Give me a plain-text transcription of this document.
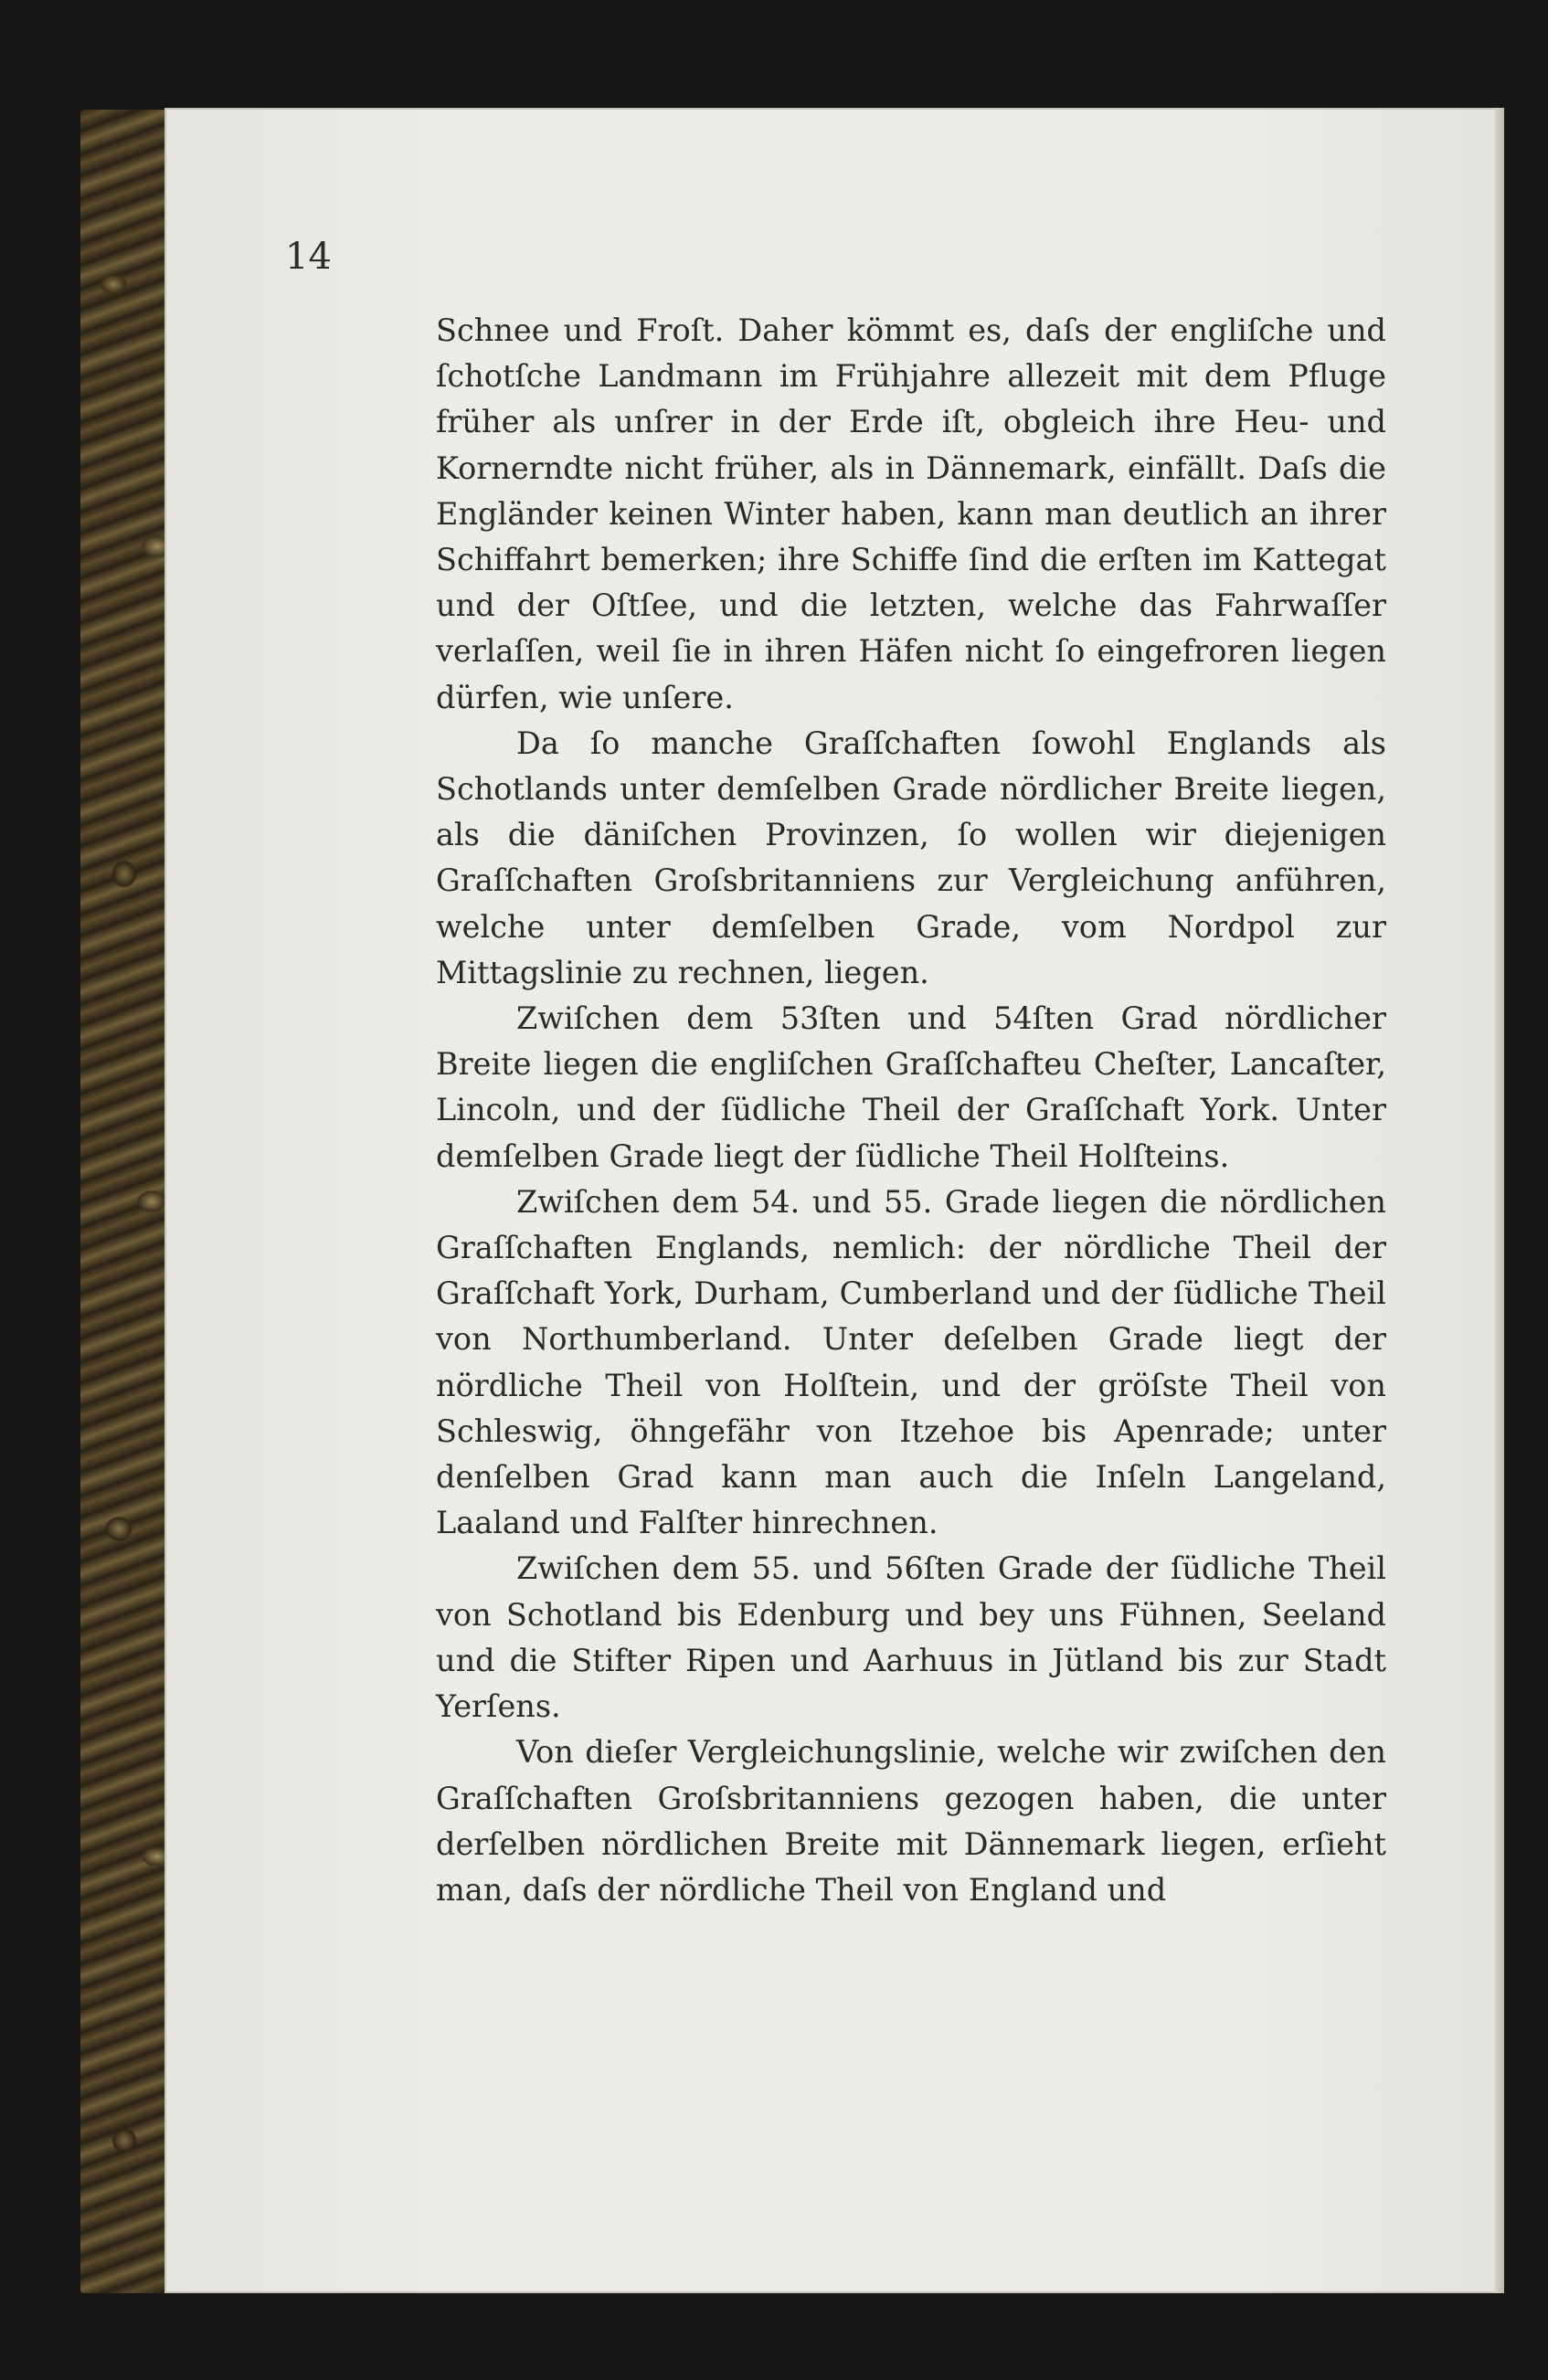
14

Schnee und Froſt. Daher kömmt es, daſs der engliſche und ſchotſche Landmann im Frühjahre allezeit mit dem Pfluge früher als unſrer in der Erde iſt, obgleich ihre Heu- und Kornerndte nicht früher, als in Dännemark, einfällt. Daſs die Engländer keinen Winter haben, kann man deutlich an ihrer Schiffahrt bemerken; ihre Schiffe ſind die erſten im Kattegat und der Oſtſee, und die letzten, welche das Fahrwaſſer verlaſſen, weil ſie in ihren Häfen nicht ſo eingefroren liegen dürfen, wie unſere.

Da ſo manche Graſſchaften ſowohl Englands als Schotlands unter demſelben Grade nördlicher Breite liegen, als die däniſchen Provinzen, ſo wollen wir diejenigen Graſſchaften Groſsbritanniens zur Vergleichung anführen, welche unter demſelben Grade, vom Nordpol zur Mittagslinie zu rechnen, liegen.

Zwiſchen dem 53ſten und 54ſten Grad nördlicher Breite liegen die engliſchen Graſſchafteu Cheſter, Lancaſter, Lincoln, und der ſüdliche Theil der Graſſchaft York. Unter demſelben Grade liegt der ſüdliche Theil Holſteins.

Zwiſchen dem 54. und 55. Grade liegen die nördlichen Graſſchaften Englands, nemlich: der nördliche Theil der Graſſchaft York, Durham, Cumberland und der ſüdliche Theil von Northumberland. Unter deſelben Grade liegt der nördliche Theil von Holſtein, und der gröſste Theil von Schleswig, öhngefähr von Itzehoe bis Apenrade; unter denſelben Grad kann man auch die Inſeln Langeland, Laaland und Falſter hinrechnen.

Zwiſchen dem 55. und 56ſten Grade der ſüdliche Theil von Schotland bis Edenburg und bey uns Fühnen, Seeland und die Stifter Ripen und Aarhuus in Jütland bis zur Stadt Yerſens.

Von dieſer Vergleichungslinie, welche wir zwiſchen den Graſſchaften Groſsbritanniens gezogen haben, die unter derſelben nördlichen Breite mit Dännemark liegen, erſieht man, daſs der nördliche Theil von England und
